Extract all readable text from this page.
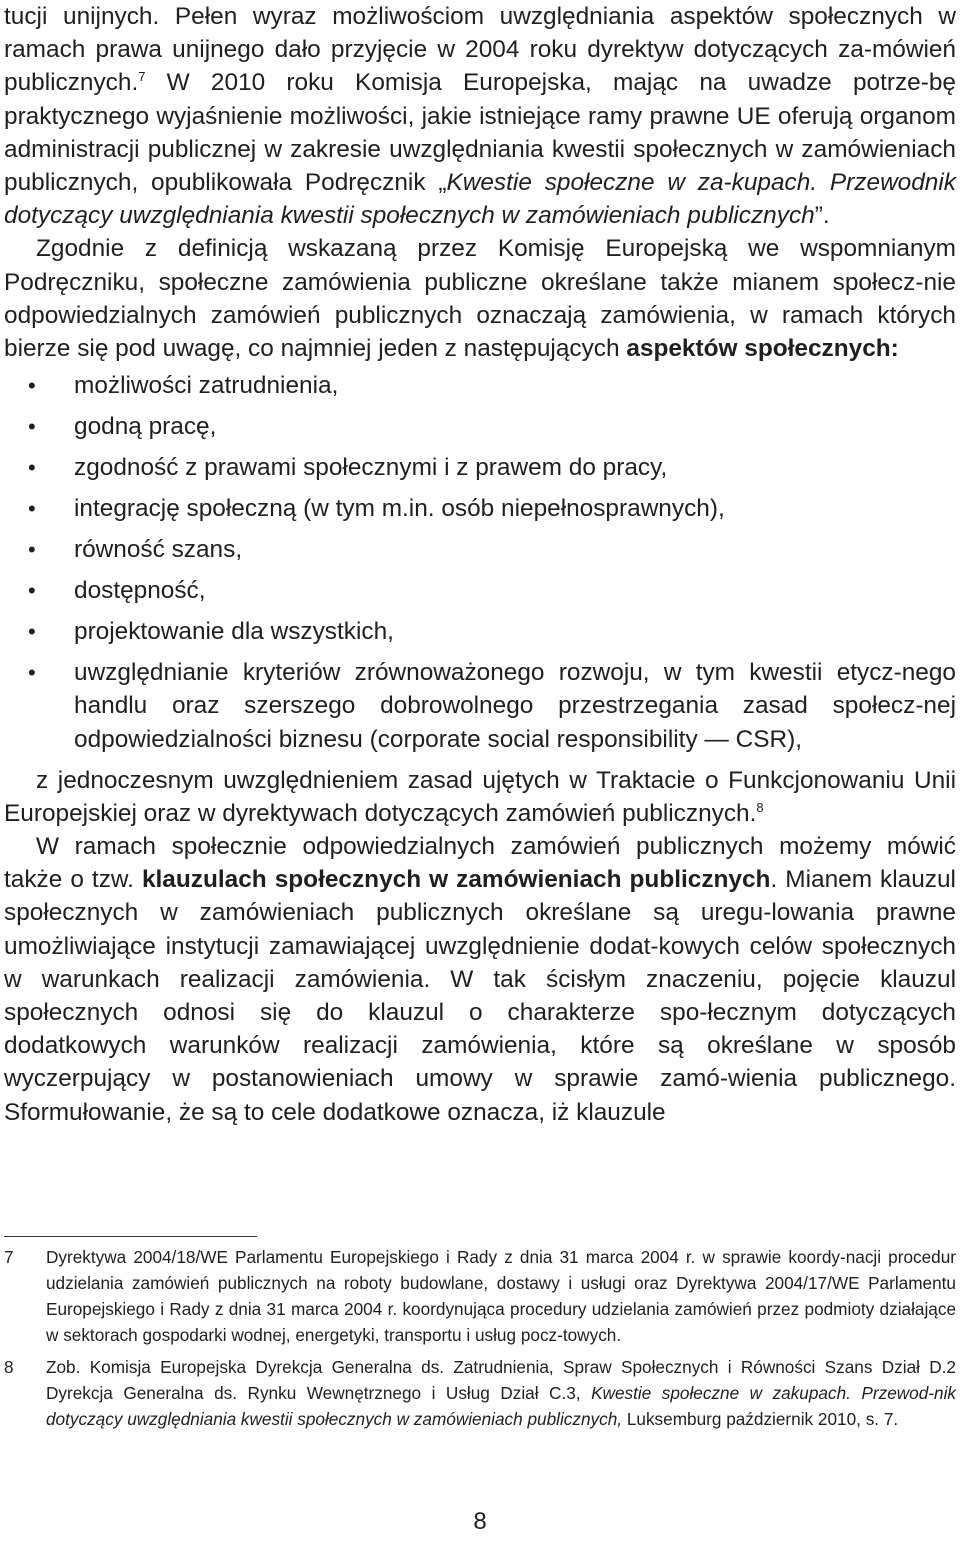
tucji unijnych. Pełen wyraz możliwościom uwzględniania aspektów społecznych w ramach prawa unijnego dało przyjęcie w 2004 roku dyrektyw dotyczących za-mówień publicznych.$^7$ W 2010 roku Komisja Europejska, mając na uwadze potrze-bę praktycznego wyjaśnienie możliwości, jakie istniejące ramy prawne UE oferują organom administracji publicznej w zakresie uwzględniania kwestii społecznych w zamówieniach publicznych, opublikowała Podręcznik „Kwestie społeczne w za-kupach. Przewodnik dotyczący uwzględniania kwestii społecznych w zamówieniach publicznych”.

Zgodnie z definicją wskazaną przez Komisję Europejską we wspomnianym Podręczniku, społeczne zamówienia publiczne określane także mianem społecz-nie odpowiedzialnych zamówień publicznych oznaczają zamówienia, w ramach których bierze się pod uwagę, co najmniej jeden z następujących aspektów społecznych:

•	możliwości zatrudnienia,
•	godną pracę,
•	zgodność z prawami społecznymi i z prawem do pracy,
•	integrację społeczną (w tym m.in. osób niepełnosprawnych),
•	równość szans,
•	dostępność,
•	projektowanie dla wszystkich,
•	uwzględnianie kryteriów zrównoważonego rozwoju, w tym kwestii etycz-nego handlu oraz szerszego dobrowolnego przestrzegania zasad społecz-nej odpowiedzialności biznesu (corporate social responsibility — CSR),

z jednoczesnym uwzględnieniem zasad ujętych w Traktacie o Funkcjonowaniu Unii Europejskiej oraz w dyrektywach dotyczących zamówień publicznych.$^8$

W ramach społecznie odpowiedzialnych zamówień publicznych możemy mówić także o tzw. klauzulach społecznych w zamówieniach publicznych. Mianem klauzul społecznych w zamówieniach publicznych określane są uregu-lowania prawne umożliwiające instytucji zamawiającej uwzględnienie dodat-kowych celów społecznych w warunkach realizacji zamówienia. W tak ścisłym znaczeniu, pojęcie klauzul społecznych odnosi się do klauzul o charakterze spo-łecznym dotyczących dodatkowych warunków realizacji zamówienia, które są określane w sposób wyczerpujący w postanowieniach umowy w sprawie zamó-wienia publicznego. Sformułowanie, że są to cele dodatkowe oznacza, iż klauzule

7 Dyrektywa 2004/18/WE Parlamentu Europejskiego i Rady z dnia 31 marca 2004 r. w sprawie koordy-nacji procedur udzielania zamówień publicznych na roboty budowlane, dostawy i usługi oraz Dyrektywa 2004/17/WE Parlamentu Europejskiego i Rady z dnia 31 marca 2004 r. koordynująca procedury udzielania zamówień przez podmioty działające w sektorach gospodarki wodnej, energetyki, transportu i usług pocz-towych.

8 Zob. Komisja Europejska Dyrekcja Generalna ds. Zatrudnienia, Spraw Społecznych i Równości Szans Dział D.2 Dyrekcja Generalna ds. Rynku Wewnętrznego i Usług Dział C.3, Kwestie społeczne w zakupach. Przewod-nik dotyczący uwzględniania kwestii społecznych w zamówieniach publicznych, Luksemburg październik 2010, s. 7.

8
